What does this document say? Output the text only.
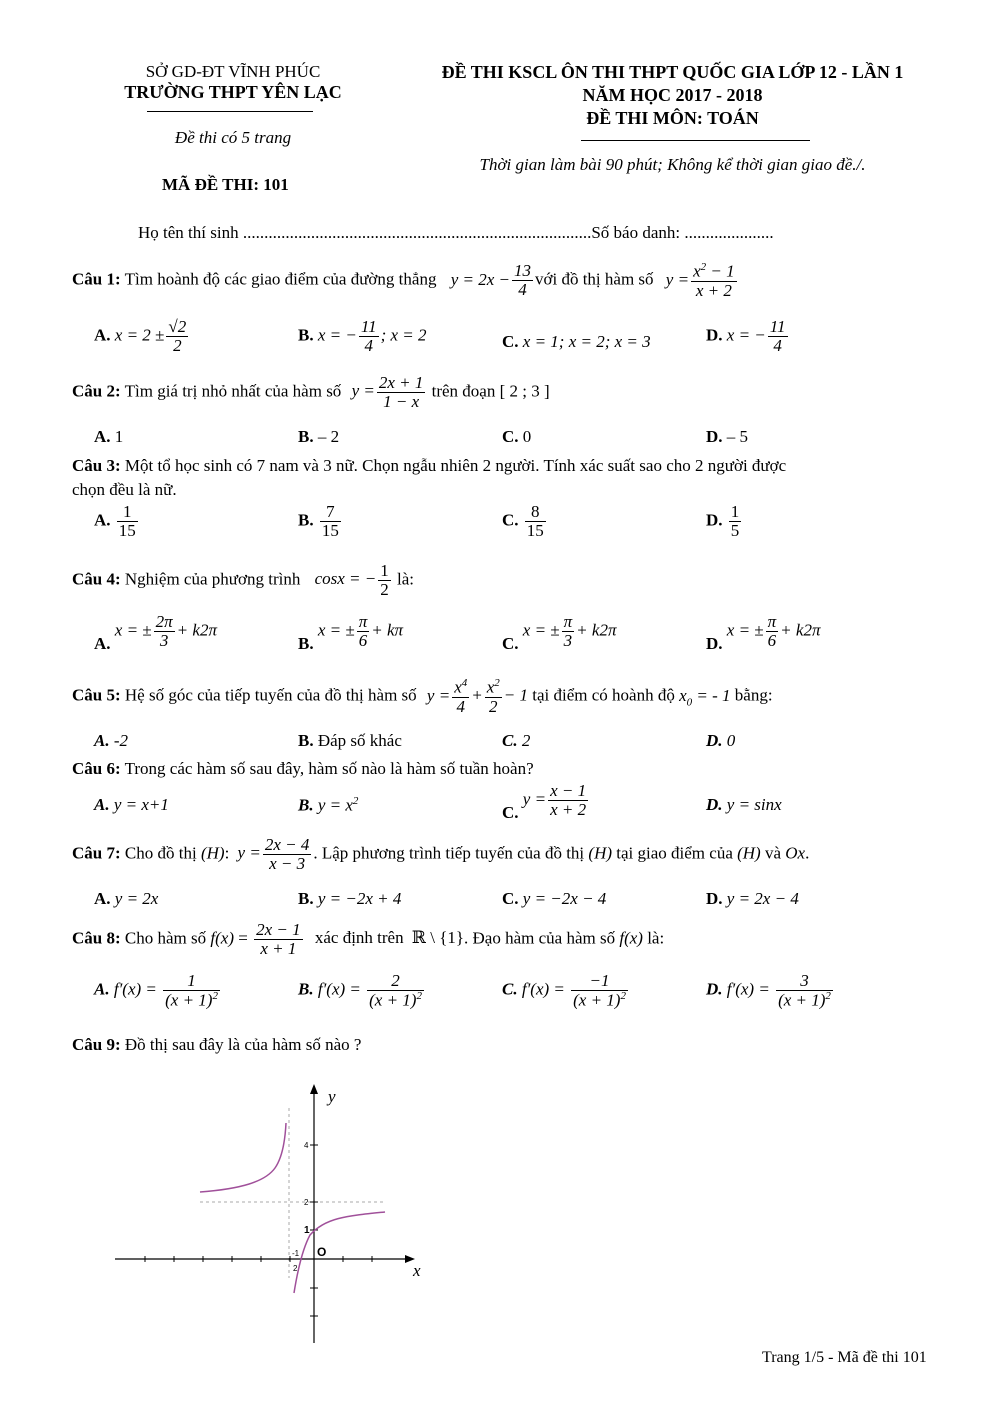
SỞ GD-ĐT VĨNH PHÚC
TRƯỜNG THPT YÊN LẠC
Đề thi có 5 trang
MÃ ĐỀ THI: 101
ĐỀ THI KSCL ÔN THI THPT QUỐC GIA LỚP 12 - LẦN 1
NĂM HỌC 2017 - 2018
ĐỀ THI MÔN: TOÁN
Thời gian làm bài 90 phút; Không kể thời gian giao đề./.
Họ tên thí sinh ..................................................................................Số báo danh: .....................
Câu 1: Tìm hoành độ các giao điểm của đường thẳng $y = 2x - \frac{13}{4}$ với đồ thị hàm số $y = \frac{x^2 - 1}{x + 2}$
A. $x = 2 \pm \frac{√2}{2}$	B. x = − $\frac{11}{4}$ ; x = 2	C. x = 1; x = 2; x = 3	D. x = − $\frac{11}{4}$
Câu 2: Tìm giá trị nhỏ nhất của hàm số $y = \frac{2x + 1}{1 - x}$ trên đoạn [ 2 ; 3 ]
A. 1	B. – 2	C. 0	D. – 5
Câu 3: Một tổ học sinh có 7 nam và 3 nữ. Chọn ngẫu nhiên 2 người. Tính xác suất sao cho 2 người được
chọn đều là nữ.
A. $\frac{1}{15}$	B. $\frac{7}{15}$	C. $\frac{8}{15}$	D. $\frac{1}{5}$
Câu 4: Nghiệm của phương trình cosx = − $\frac{1}{2}$ là:
A. x = ± $\frac{2\pi}{3} + k2\pi$
B. x = ± $\frac{\pi}{6} + k\pi$
C. x = ± $\frac{\pi}{3} + k2\pi$
D. x = ± $\frac{\pi}{6} + k2\pi$
Câu 5: Hệ số góc của tiếp tuyến của đồ thị hàm số $y = \frac{x^4}{4} + \frac{x^2}{2} - 1$ tại điểm có hoành độ $x_0$ = - 1 bằng:
A. -2	B. Đáp số khác	C. 2	D. 0
Câu 6: Trong các hàm số sau đây, hàm số nào là hàm số tuần hoàn?
A. y = x+1	B. $y = x^2$
C. $y = \frac{x - 1}{x + 2}$	D. y = sinx
Câu 7: Cho đồ thị (H): $y = \frac{2x - 4}{x - 3}$ . Lập phương trình tiếp tuyến của đồ thị (H) tại giao điểm của (H) và Ox.
A. y = 2x	B. y = −2x + 4	C. y = −2x − 4	D. y = 2x − 4
Câu 8: Cho hàm số $f(x) = \frac{2x - 1}{x + 1}$ xác định trên ℝ \ {1}. Đạo hàm của hàm số f(x) là:
A. $f'(x) = \frac{1}{(x + 1)^2}$	B. $f'(x) = \frac{2}{(x + 1)^2}$	C. $f'(x) = \frac{-1}{(x + 1)^2}$	D. $f'(x) = \frac{3}{(x + 1)^2}$
Câu 9: Đồ thị sau đây là của hàm số nào ?
y
x
O
4
2
1
-1
2
Trang 1/5 - Mã đề thi 101
